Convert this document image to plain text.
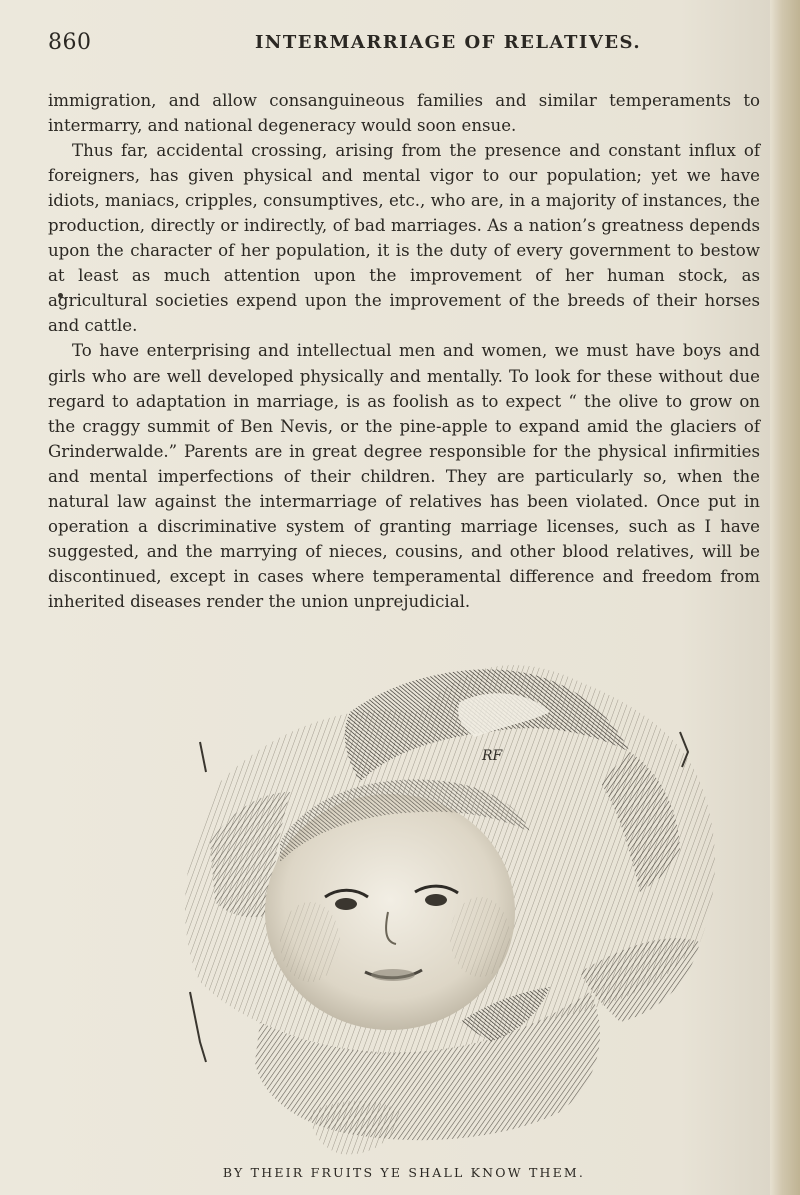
860	INTERMARRIAGE OF RELATIVES.

immigration, and allow consanguineous families and similar temperaments to intermarry, and national degeneracy would soon ensue.

Thus far, accidental crossing, arising from the presence and constant influx of foreigners, has given physical and mental vigor to our population; yet we have idiots, maniacs, cripples, consumptives, etc., who are, in a majority of instances, the production, directly or indirectly, of bad marriages. As a nation’s greatness depends upon the character of her population, it is the duty of every government to bestow at least as much attention upon the improvement of her human stock, as agricultural societies expend upon the improvement of the breeds of their horses and cattle.

To have enterprising and intellectual men and women, we must have boys and girls who are well developed physically and mentally. To look for these without due regard to adaptation in marriage, is as foolish as to expect “ the olive to grow on the craggy summit of Ben Nevis, or the pine-apple to expand amid the glaciers of Grinderwalde.” Parents are in great degree responsible for the physical infirmities and mental imperfections of their children. They are particularly so, when the natural law against the intermarriage of relatives has been violated. Once put in operation a discriminative system of granting marriage licenses, such as I have suggested, and the marrying of nieces, cousins, and other blood relatives, will be discontinued, except in cases where temperamental difference and freedom from inherited diseases render the union unprejudicial.

RF
BY THEIR FRUITS YE SHALL KNOW THEM.
